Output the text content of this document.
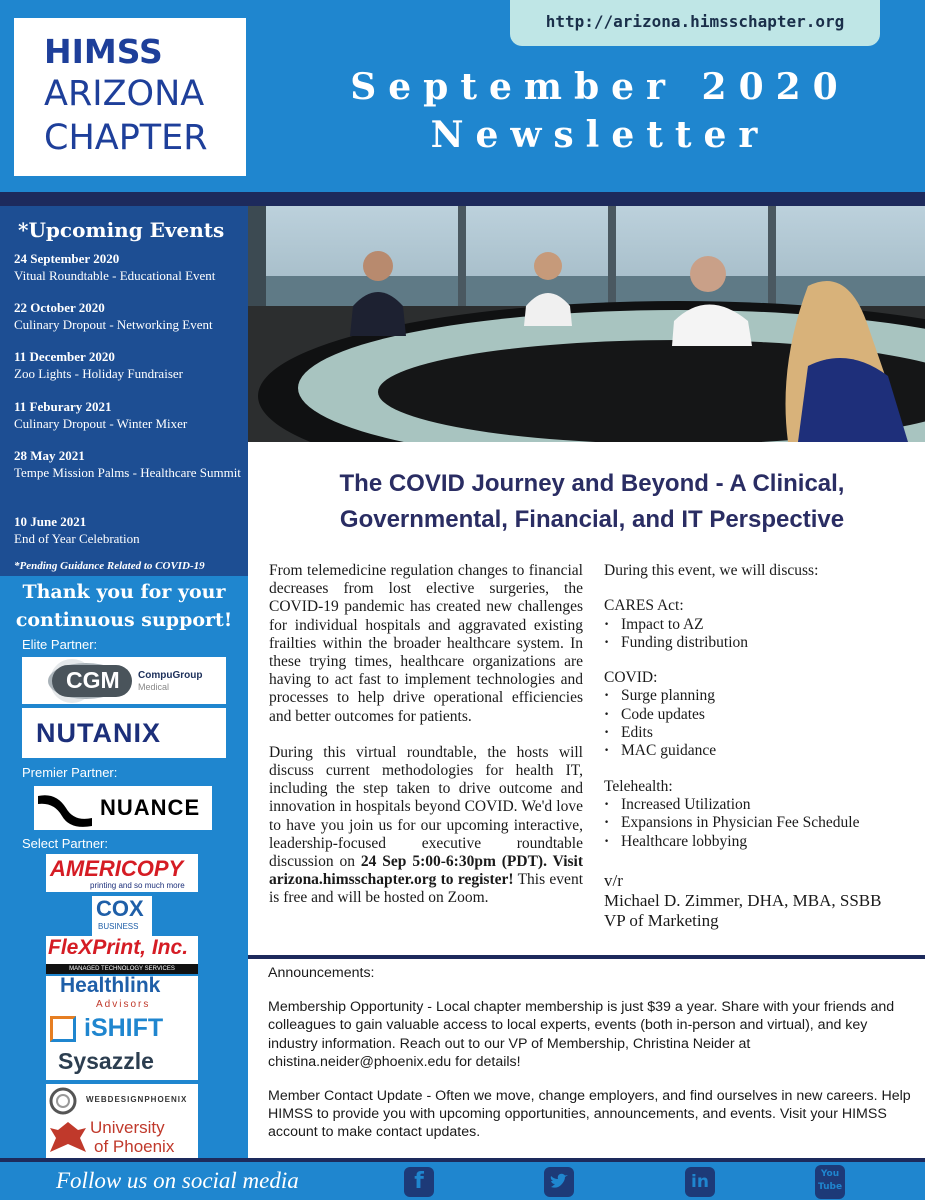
HIMSS
ARIZONA
CHAPTER
http://arizona.himsschapter.org
September 2020
Newsletter
*Upcoming Events
24 September 2020
Vitual Roundtable - Educational Event
22 October 2020
Culinary Dropout - Networking Event
11 December 2020
Zoo Lights - Holiday Fundraiser
11 Feburary 2021
Culinary Dropout - Winter Mixer
28 May 2021
Tempe Mission Palms - Healthcare Summit
10 June 2021
End of Year Celebration
*Pending Guidance Related to COVID-19
Thank you for your continuous support!
Elite Partner:
CGM CompuGroup
Medical
NUTANIX
Premier Partner:
NUANCE
Select Partner:
AMERICOPY
printing and so much more
COX
BUSINESS
FleXPrint, Inc.
MANAGED TECHNOLOGY SERVICES
Healthlink
Advisors
iSHIFT
Sysazzle
WEBDESIGNPHOENIX
University
of Phoenix
The COVID Journey and Beyond - A Clinical, Governmental, Financial, and IT Perspective

From telemedicine regulation changes to financial decreases from lost elective surgeries, the COVID-19 pandemic has created new challenges for individual hospitals and aggravated existing frailties within the broader healthcare system. In these trying times, healthcare organizations are having to act fast to implement technologies and processes to help drive operational efficiencies and better outcomes for patients.

During this virtual roundtable, the hosts will discuss current methodologies for health IT, including the step taken to drive outcome and innovation in hospitals beyond COVID. We'd love to have you join us for our upcoming interactive, leadership-focused executive roundtable discussion on 24 Sep 5:00-6:30pm (PDT). Visit arizona.himsschapter.org to register! This event is free and will be hosted on Zoom.

During this event, we will discuss:
CARES Act:
· Impact to AZ
· Funding distribution
COVID:
· Surge planning
· Code updates
· Edits
· MAC guidance
Telehealth:
· Increased Utilization
· Expansions in Physician Fee Schedule
· Healthcare lobbying
v/r
Michael D. Zimmer, DHA, MBA, SSBB
VP of Marketing

Announcements:

Membership Opportunity - Local chapter membership is just $39 a year. Share with your friends and colleagues to gain valuable access to local experts, events (both in-person and virtual), and key industry information. Reach out to our VP of Membership, Christina Neider at chistina.neider@phoenix.edu for details!

Member Contact Update - Often we move, change employers, and find ourselves in new careers. Help HIMSS to provide you with upcoming opportunities, announcements, and events. Visit your HIMSS account to make contact updates.

Follow us on social media	f	in	You
Tube
